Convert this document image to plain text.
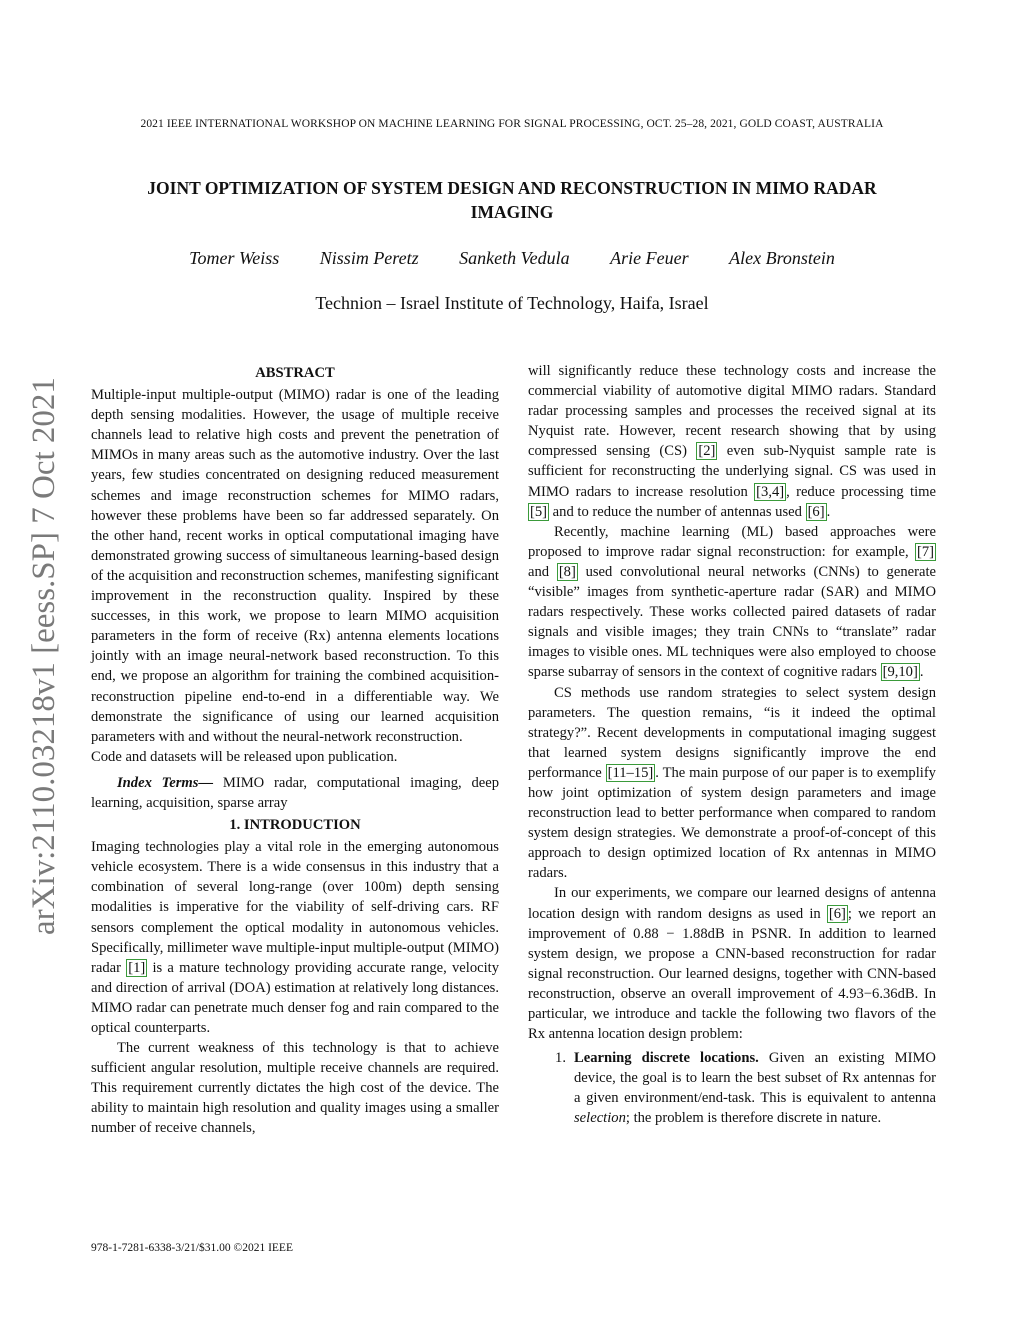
2021 IEEE INTERNATIONAL WORKSHOP ON MACHINE LEARNING FOR SIGNAL PROCESSING, OCT. 25–28, 2021, GOLD COAST, AUSTRALIA
JOINT OPTIMIZATION OF SYSTEM DESIGN AND RECONSTRUCTION IN MIMO RADAR
IMAGING
Tomer Weiss Nissim Peretz Sanketh Vedula Arie Feuer Alex Bronstein
Technion – Israel Institute of Technology, Haifa, Israel
arXiv:2110.03218v1 [eess.SP] 7 Oct 2021
ABSTRACT

Multiple-input multiple-output (MIMO) radar is one of the leading depth sensing modalities. However, the usage of multiple receive channels lead to relative high costs and prevent the penetration of MIMOs in many areas such as the automotive industry. Over the last years, few studies concentrated on designing reduced measurement schemes and image reconstruction schemes for MIMO radars, however these problems have been so far addressed separately. On the other hand, recent works in optical computational imaging have demonstrated growing success of simultaneous learning-based design of the acquisition and reconstruction schemes, manifesting significant improvement in the reconstruction quality. Inspired by these successes, in this work, we propose to learn MIMO acquisition parameters in the form of receive (Rx) antenna elements locations jointly with an image neural-network based reconstruction. To this end, we propose an algorithm for training the combined acquisition-reconstruction pipeline end-to-end in a differentiable way. We demonstrate the significance of using our learned acquisition parameters with and without the neural-network reconstruction.

Code and datasets will be released upon publication.

Index Terms— MIMO radar, computational imaging, deep learning, acquisition, sparse array

1. INTRODUCTION

Imaging technologies play a vital role in the emerging autonomous vehicle ecosystem. There is a wide consensus in this industry that a combination of several long-range (over 100m) depth sensing modalities is imperative for the viability of self-driving cars. RF sensors complement the optical modality in autonomous vehicles. Specifically, millimeter wave multiple-input multiple-output (MIMO) radar [1] is a mature technology providing accurate range, velocity and direction of arrival (DOA) estimation at relatively long distances. MIMO radar can penetrate much denser fog and rain compared to the optical counterparts.

The current weakness of this technology is that to achieve sufficient angular resolution, multiple receive channels are required. This requirement currently dictates the high cost of the device. The ability to maintain high resolution and quality images using a smaller number of receive channels,

will significantly reduce these technology costs and increase the commercial viability of automotive digital MIMO radars. Standard radar processing samples and processes the received signal at its Nyquist rate. However, recent research showing that by using compressed sensing (CS) [2] even sub-Nyquist sample rate is sufficient for reconstructing the underlying signal. CS was used in MIMO radars to increase resolution [3,4] , reduce processing time [5] and to reduce the number of antennas used [6] .

Recently, machine learning (ML) based approaches were proposed to improve radar signal reconstruction: for example, [7] and [8] used convolutional neural networks (CNNs) to generate “visible” images from synthetic-aperture radar (SAR) and MIMO radars respectively. These works collected paired datasets of radar signals and visible images; they train CNNs to “translate” radar images to visible ones. ML techniques were also employed to choose sparse subarray of sensors in the context of cognitive radars [9,10] .

CS methods use random strategies to select system design parameters. The question remains, “is it indeed the optimal strategy?”. Recent developments in computational imaging suggest that learned system designs significantly improve the end performance [11–15] . The main purpose of our paper is to exemplify how joint optimization of system design parameters and image reconstruction lead to better performance when compared to random system design strategies. We demonstrate a proof-of-concept of this approach to design optimized location of Rx antennas in MIMO radars.

In our experiments, we compare our learned designs of antenna location design with random designs as used in [6] ; we report an improvement of 0.88 − 1.88dB in PSNR. In addition to learned system design, we propose a CNN-based reconstruction for radar signal reconstruction. Our learned designs, together with CNN-based reconstruction, observe an overall improvement of 4.93−6.36dB. In particular, we introduce and tackle the following two flavors of the Rx antenna location design problem:

1. Learning discrete locations. Given an existing MIMO device, the goal is to learn the best subset of Rx antennas for a given environment/end-task. This is equivalent to antenna selection; the problem is therefore discrete in nature.
978-1-7281-6338-3/21/$31.00 ©2021 IEEE
